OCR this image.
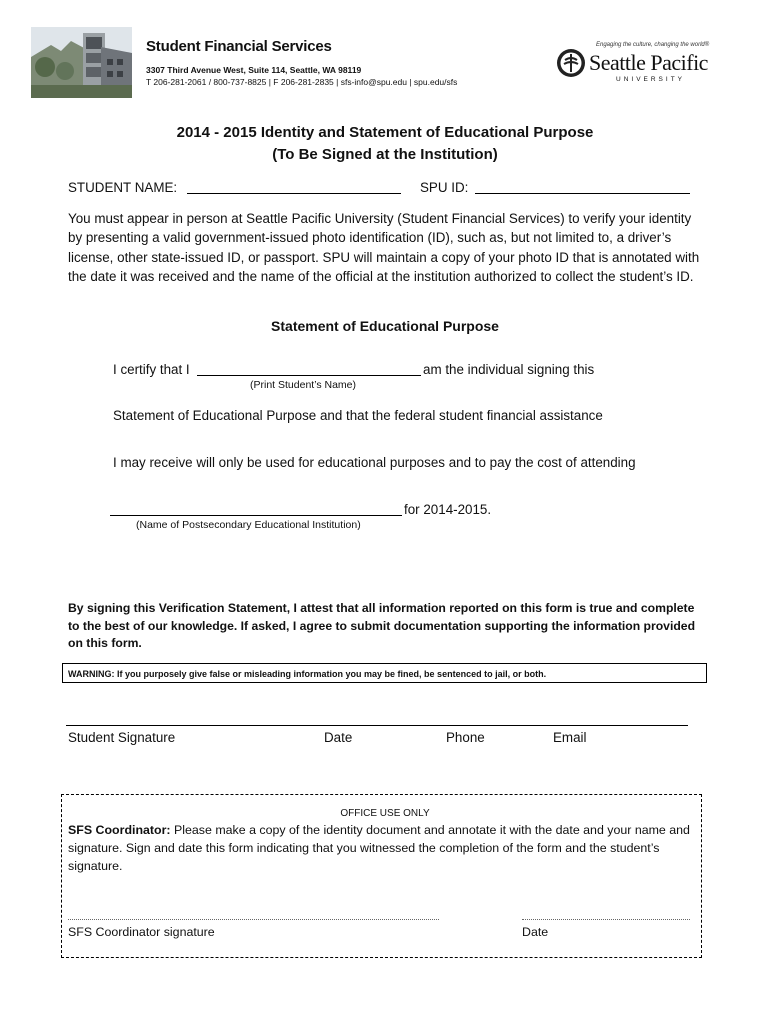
Student Financial Services
3307 Third Avenue West, Suite 114, Seattle, WA 98119
T 206-281-2061 / 800-737-8825 | F 206-281-2835 | sfs-info@spu.edu | spu.edu/sfs
Engaging the culture, changing the world®
Seattle Pacific
UNIVERSITY
2014 - 2015 Identity and Statement of Educational Purpose
(To Be Signed at the Institution)
STUDENT NAME:	SPU ID:
You must appear in person at Seattle Pacific University (Student Financial Services) to verify your identity by presenting a valid government-issued photo identification (ID), such as, but not limited to, a driver’s license, other state-issued ID, or passport. SPU will maintain a copy of your photo ID that is annotated with the date it was received and the name of the official at the institution authorized to collect the student’s ID.
Statement of Educational Purpose
I certify that I	am the individual signing this
(Print Student’s Name)
Statement of Educational Purpose and that the federal student financial assistance
I may receive will only be used for educational purposes and to pay the cost of attending
for 2014-2015.
(Name of Postsecondary Educational Institution)
By signing this Verification Statement, I attest that all information reported on this form is true and complete to the best of our knowledge. If asked, I agree to submit documentation supporting the information provided on this form.
WARNING: If you purposely give false or misleading information you may be fined, be sentenced to jail, or both.
Student Signature	Date	Phone	Email
OFFICE USE ONLY
SFS Coordinator: Please make a copy of the identity document and annotate it with the date and your name and signature. Sign and date this form indicating that you witnessed the completion of the form and the student’s signature.
SFS Coordinator signature	Date
